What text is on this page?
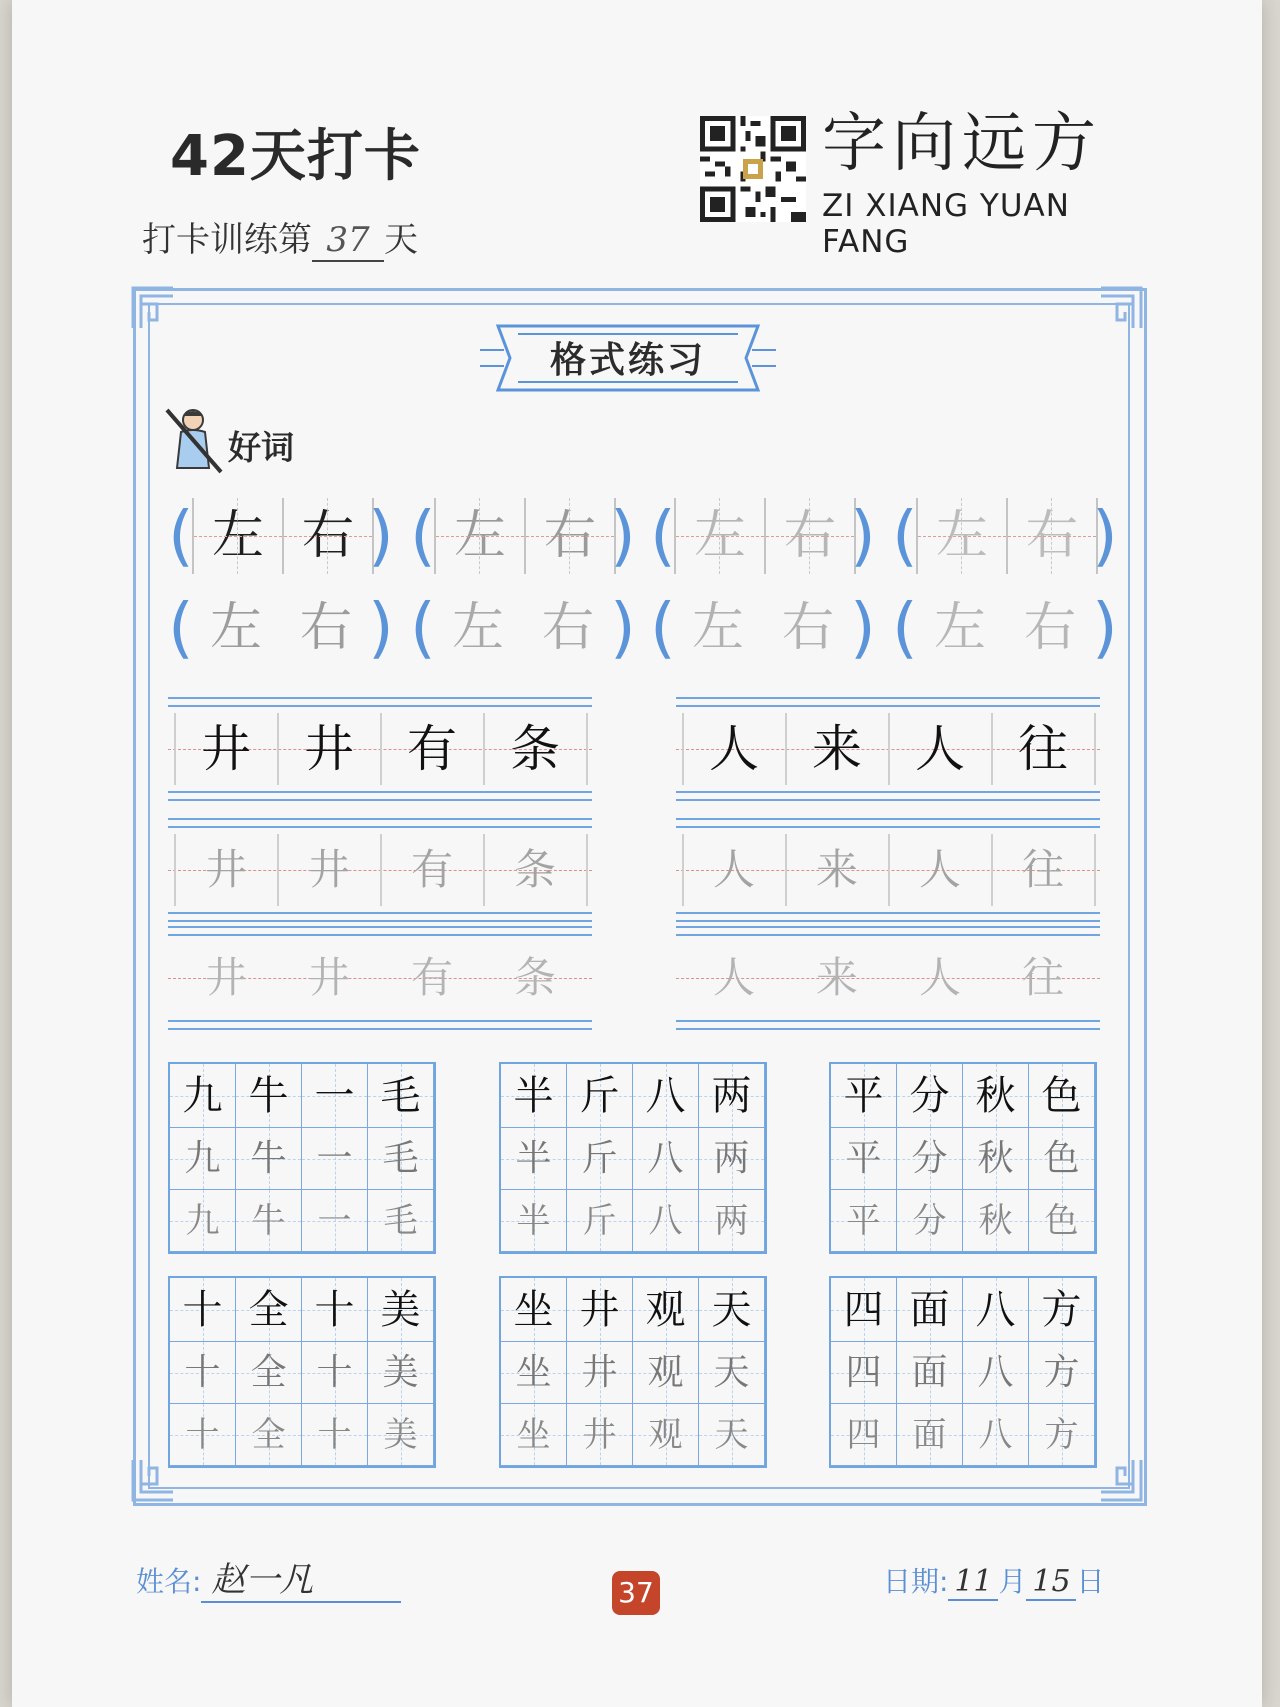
42天打卡
打卡训练第 37 天
字向远方
ZI XIANG YUAN FANG
格式练习
好词
( 左 右 ) ( 左 右 ) ( 左 右 ) ( 左 右 )
( 左 右 ) ( 左 右 ) ( 左 右 ) ( 左 右 )
井	井	有	条
井	井	有	条
井	井	有	条
人	来	人	往
人	来	人	往
人	来	人	往
九 牛 一 毛
九 牛 一 毛
九 牛 一 毛
半 斤 八 两
半 斤 八 两
半 斤 八 两
平 分 秋 色
平 分 秋 色
平 分 秋 色
十 全 十 美
十 全 十 美
十 全 十 美
坐 井 观 天
坐 井 观 天
坐 井 观 天
四 面 八 方
四 面 八 方
四 面 八 方
姓名: 赵一凡	37	日期: 11 月 15 日
